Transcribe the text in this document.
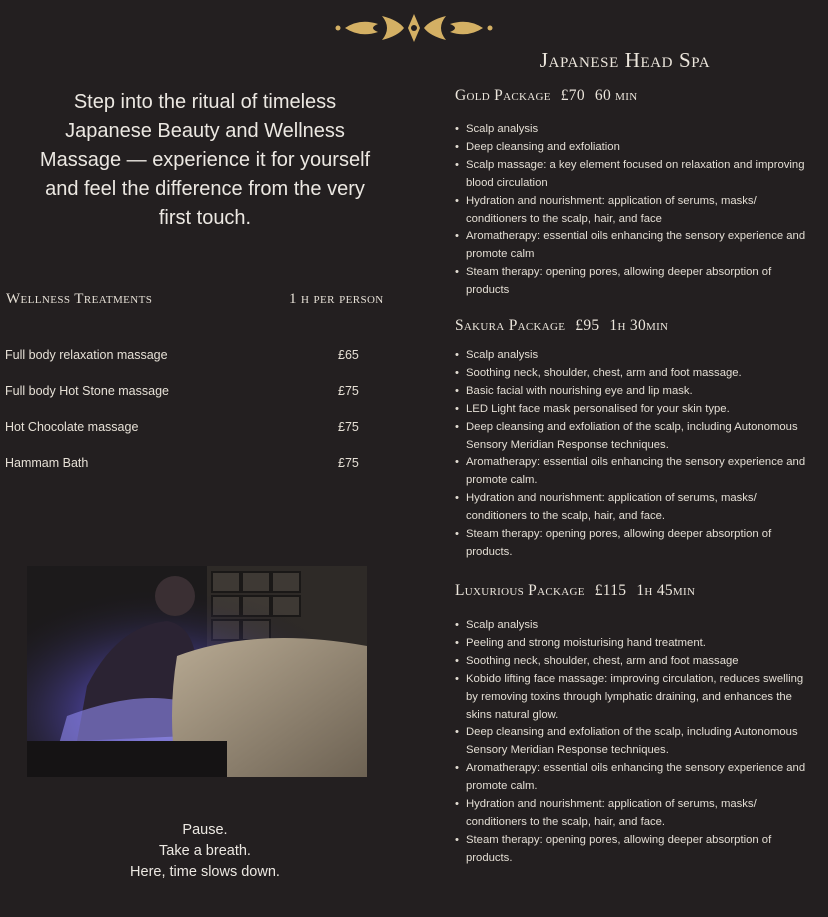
Step into the ritual of timeless
Japanese Beauty and Wellness
Massage — experience it for yourself
and feel the difference from the very
first touch.
Wellness Treatments	1 h per person
Full body relaxation massage	£65
Full body Hot Stone massage	£75
Hot Chocolate massage	£75
Hammam Bath	£75
Pause.
Take a breath.
Here, time slows down.
Japanese Head Spa
Gold Package £70 60 min
• Scalp analysis
• Deep cleansing and exfoliation
• Scalp massage: a key element focused on relaxation and improving blood circulation
• Hydration and nourishment: application of serums, masks/ conditioners to the scalp, hair, and face
• Aromatherapy: essential oils enhancing the sensory experience and promote calm
• Steam therapy: opening pores, allowing deeper absorption of products
Sakura Package £95 1h 30min
• Scalp analysis
• Soothing neck, shoulder, chest, arm and foot massage.
• Basic facial with nourishing eye and lip mask.
• LED Light face mask personalised for your skin type.
• Deep cleansing and exfoliation of the scalp, including Autonomous Sensory Meridian Response techniques.
• Aromatherapy: essential oils enhancing the sensory experience and promote calm.
• Hydration and nourishment: application of serums, masks/ conditioners to the scalp, hair, and face.
• Steam therapy: opening pores, allowing deeper absorption of products.
Luxurious Package £115 1h 45min
• Scalp analysis
• Peeling and strong moisturising hand treatment.
• Soothing neck, shoulder, chest, arm and foot massage
• Kobido lifting face massage: improving circulation, reduces swelling by removing toxins through lymphatic draining, and enhances the skins natural glow.
• Deep cleansing and exfoliation of the scalp, including Autonomous Sensory Meridian Response techniques.
• Aromatherapy: essential oils enhancing the sensory experience and promote calm.
• Hydration and nourishment: application of serums, masks/ conditioners to the scalp, hair, and face.
• Steam therapy: opening pores, allowing deeper absorption of products.
